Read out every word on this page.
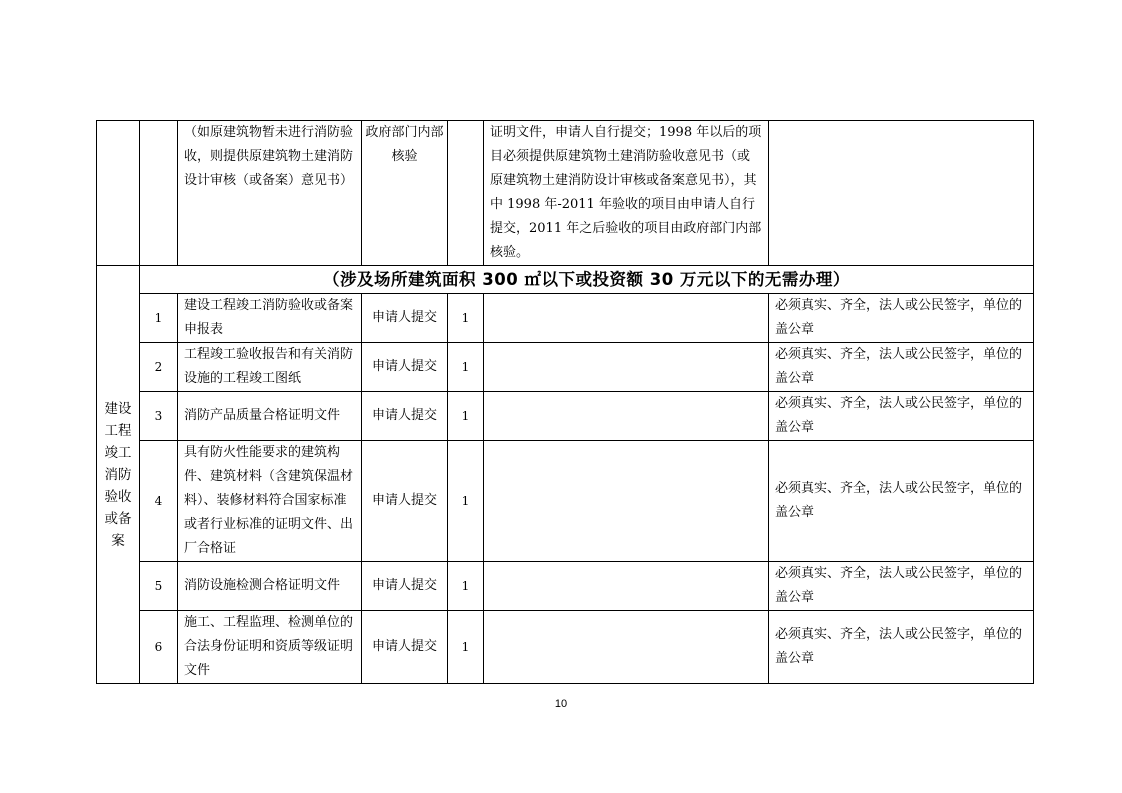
		（如原建筑物暂未进行消防验收，则提供原建筑物土建消防设计审核（或备案）意见书）	政府部门内部核验		证明文件，申请人自行提交；1998 年以后的项目必须提供原建筑物土建消防验收意见书（或原建筑物土建消防设计审核或备案意见书），其中 1998 年-2011 年验收的项目由申请人自行提交，2011 年之后验收的项目由政府部门内部核验。	
建设工程竣工消防验收或备案	（涉及场所建筑面积 300 ㎡以下或投资额 30 万元以下的无需办理）					
	1	建设工程竣工消防验收或备案申报表	申请人提交	1		必须真实、齐全，法人或公民签字，单位的盖公章
	2	工程竣工验收报告和有关消防设施的工程竣工图纸	申请人提交	1		必须真实、齐全，法人或公民签字，单位的盖公章
	3	消防产品质量合格证明文件	申请人提交	1		必须真实、齐全，法人或公民签字，单位的盖公章
	4	具有防火性能要求的建筑构件、建筑材料（含建筑保温材料）、装修材料符合国家标准或者行业标准的证明文件、出厂合格证	申请人提交	1		必须真实、齐全，法人或公民签字，单位的盖公章
	5	消防设施检测合格证明文件	申请人提交	1		必须真实、齐全，法人或公民签字，单位的盖公章
	6	施工、工程监理、检测单位的合法身份证明和资质等级证明文件	申请人提交	1		必须真实、齐全，法人或公民签字，单位的盖公章
10
